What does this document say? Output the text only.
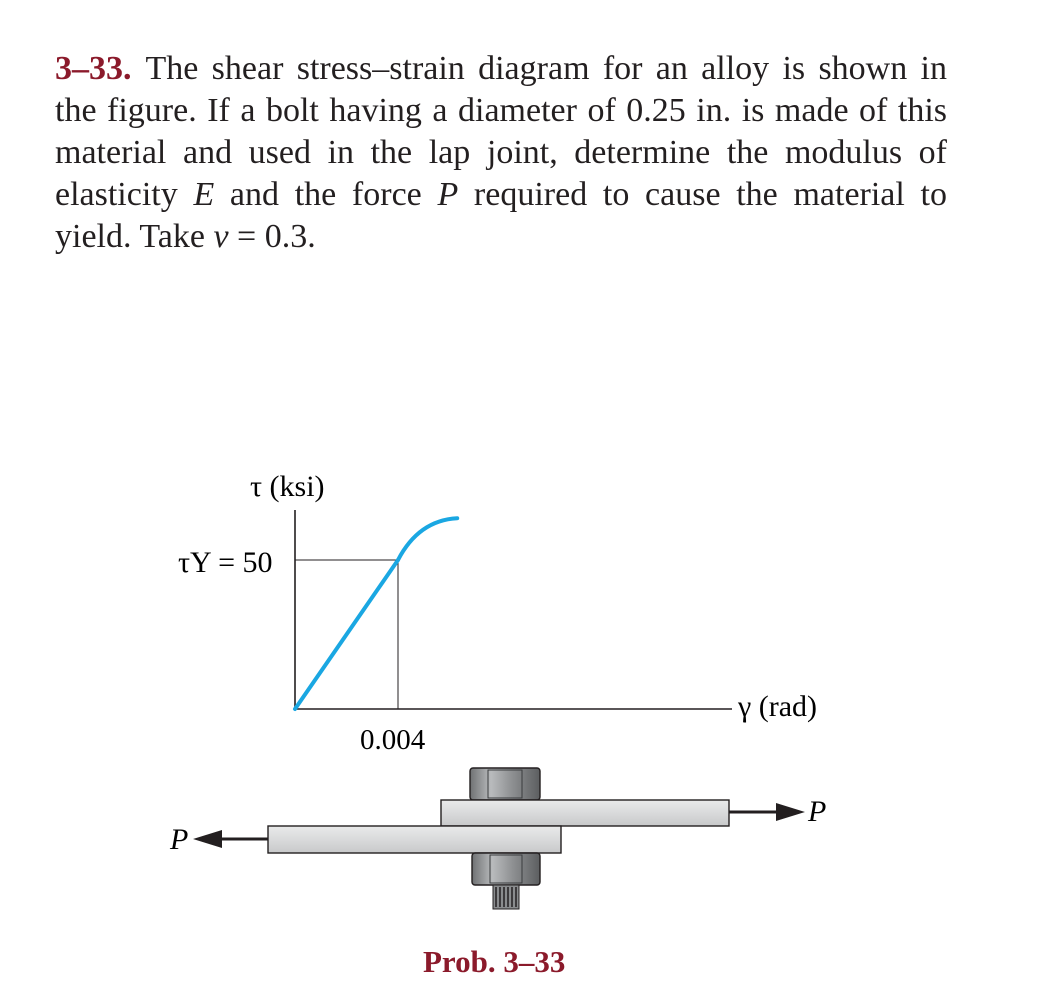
3–33. The shear stress–strain diagram for an alloy is shown in the figure. If a bolt having a diameter of 0.25 in. is made of this material and used in the lap joint, determine the modulus of elasticity E and the force P required to cause the material to yield. Take ν = 0.3.
τ (ksi)
τY = 50
0.004
γ (rad)
P
P
Prob. 3–33
